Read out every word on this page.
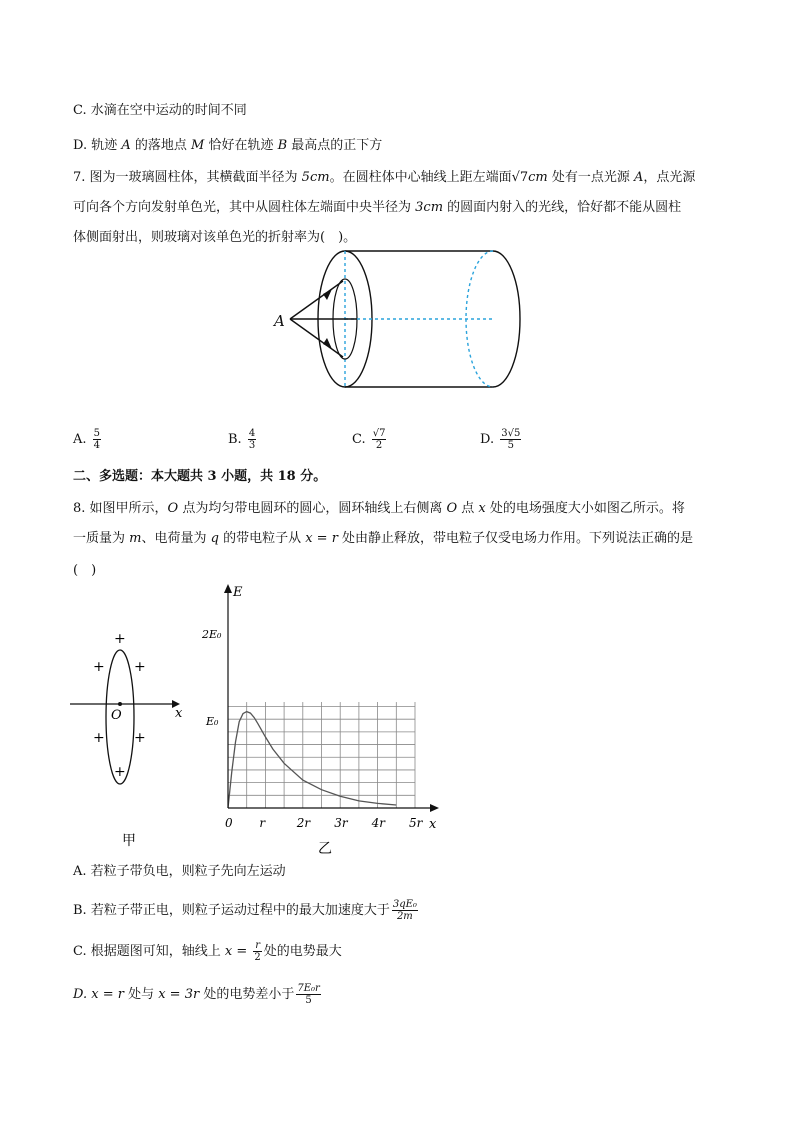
C. 水滴在空中运动的时间不同
D. 轨迹 A 的落地点 M 恰好在轨迹 B 最高点的正下方
7. 图为一玻璃圆柱体，其横截面半径为 5cm。在圆柱体中心轴线上距左端面√7cm 处有一点光源 A，点光源
可向各个方向发射单色光，其中从圆柱体左端面中央半径为 3cm 的圆面内射入的光线，恰好都不能从圆柱
体侧面射出，则玻璃对该单色光的折射率为(　)。
A
A. $\frac{5}{4}$	B. $\frac{4}{3}$	C. $\frac{√7}{2}$	D. $\frac{3√5}{5}$
二、多选题：本大题共 3 小题，共 18 分。
8. 如图甲所示，O 点为均匀带电圆环的圆心，圆环轴线上右侧离 O 点 x 处的电场强度大小如图乙所示。将
一质量为 m、电荷量为 q 的带电粒子从 x = r 处由静止释放，带电粒子仅受电场力作用。下列说法正确的是
(　)
O	x
+
+ +
+ +
+
甲
E
x
2E₀
E₀
0 r	2r 3r 4r 5r
乙
A. 若粒子带负电，则粒子先向左运动
B. 若粒子带正电，则粒子运动过程中的最大加速度大于 $\frac{\text{3qE₀}}{2m}$
C. 根据题图可知，轴线上 $x = \frac{r}{2}$ 处的电势最大
D. x = r 处与 x = 3r 处的电势差小于 $\frac{\text{7E₀r}}{5}$
